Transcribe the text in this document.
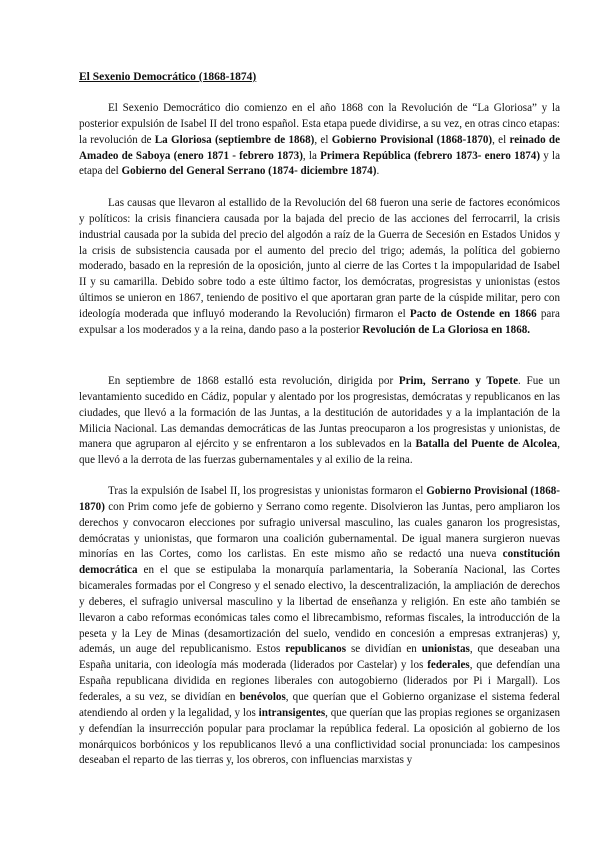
El Sexenio Democrático (1868-1874)

El Sexenio Democrático dio comienzo en el año 1868 con la Revolución de “La Gloriosa” y la posterior expulsión de Isabel II del trono español. Esta etapa puede dividirse, a su vez, en otras cinco etapas: la revolución de La Gloriosa (septiembre de 1868), el Gobierno Provisional (1868-1870), el reinado de Amadeo de Saboya (enero 1871 - febrero 1873), la Primera República (febrero 1873- enero 1874) y la etapa del Gobierno del General Serrano (1874- diciembre 1874).

Las causas que llevaron al estallido de la Revolución del 68 fueron una serie de factores económicos y políticos: la crisis financiera causada por la bajada del precio de las acciones del ferrocarril, la crisis industrial causada por la subida del precio del algodón a raíz de la Guerra de Secesión en Estados Unidos y la crisis de subsistencia causada por el aumento del precio del trigo; además, la política del gobierno moderado, basado en la represión de la oposición, junto al cierre de las Cortes t la impopularidad de Isabel II y su camarilla. Debido sobre todo a este último factor, los demócratas, progresistas y unionistas (estos últimos se unieron en 1867, teniendo de positivo el que aportaran gran parte de la cúspide militar, pero con ideología moderada que influyó moderando la Revolución) firmaron el Pacto de Ostende en 1866 para expulsar a los moderados y a la reina, dando paso a la posterior Revolución de La Gloriosa en 1868.

En septiembre de 1868 estalló esta revolución, dirigida por Prim, Serrano y Topete. Fue un levantamiento sucedido en Cádiz, popular y alentado por los progresistas, demócratas y republicanos en las ciudades, que llevó a la formación de las Juntas, a la destitución de autoridades y a la implantación de la Milicia Nacional. Las demandas democráticas de las Juntas preocuparon a los progresistas y unionistas, de manera que agruparon al ejército y se enfrentaron a los sublevados en la Batalla del Puente de Alcolea, que llevó a la derrota de las fuerzas gubernamentales y al exilio de la reina.

Tras la expulsión de Isabel II, los progresistas y unionistas formaron el Gobierno Provisional (1868-1870) con Prim como jefe de gobierno y Serrano como regente. Disolvieron las Juntas, pero ampliaron los derechos y convocaron elecciones por sufragio universal masculino, las cuales ganaron los progresistas, demócratas y unionistas, que formaron una coalición gubernamental. De igual manera surgieron nuevas minorías en las Cortes, como los carlistas. En este mismo año se redactó una nueva constitución democrática en el que se estipulaba la monarquía parlamentaria, la Soberanía Nacional, las Cortes bicamerales formadas por el Congreso y el senado electivo, la descentralización, la ampliación de derechos y deberes, el sufragio universal masculino y la libertad de enseñanza y religión. En este año también se llevaron a cabo reformas económicas tales como el librecambismo, reformas fiscales, la introducción de la peseta y la Ley de Minas (desamortización del suelo, vendido en concesión a empresas extranjeras) y, además, un auge del republicanismo. Estos republicanos se dividían en unionistas, que deseaban una España unitaria, con ideología más moderada (liderados por Castelar) y los federales, que defendían una España republicana dividida en regiones liberales con autogobierno (liderados por Pi i Margall). Los federales, a su vez, se dividían en benévolos, que querían que el Gobierno organizase el sistema federal atendiendo al orden y la legalidad, y los intransigentes, que querían que las propias regiones se organizasen y defendían la insurrección popular para proclamar la república federal. La oposición al gobierno de los monárquicos borbónicos y los republicanos llevó a una conflictividad social pronunciada: los campesinos deseaban el reparto de las tierras y, los obreros, con influencias marxistas y
